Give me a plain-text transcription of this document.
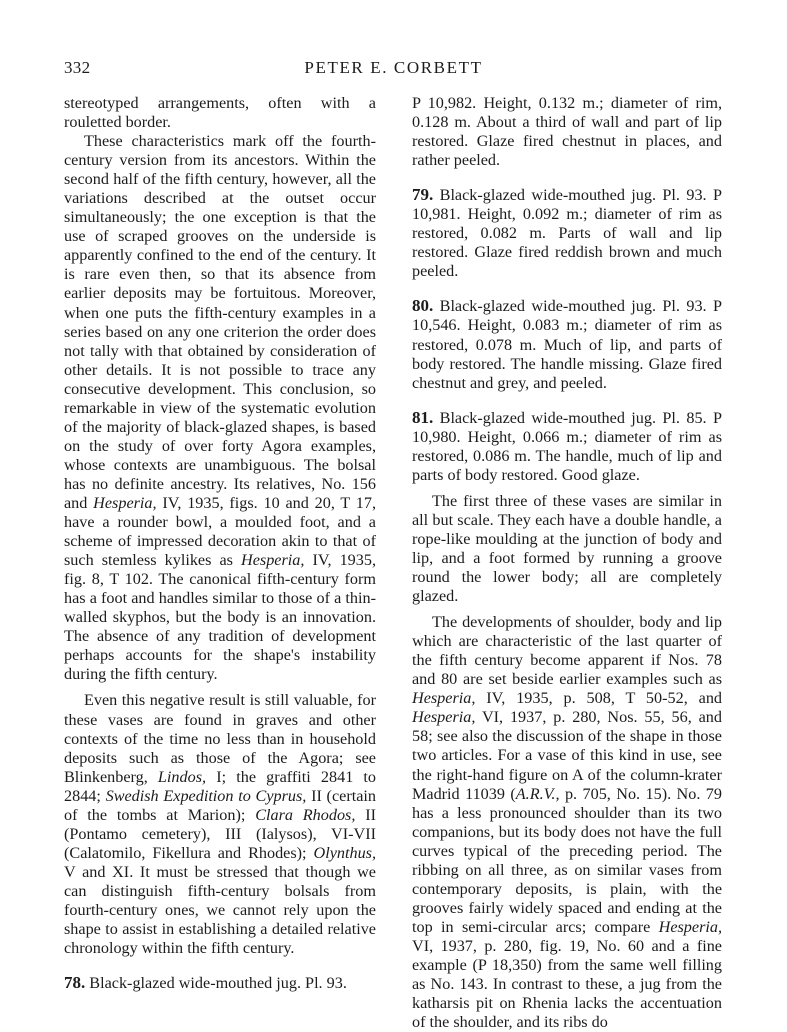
332	PETER E. CORBETT

stereotyped arrangements, often with a rouletted border.

These characteristics mark off the fourth-century version from its ancestors. Within the second half of the fifth century, however, all the variations described at the outset occur simultaneously; the one exception is that the use of scraped grooves on the underside is apparently confined to the end of the century. It is rare even then, so that its absence from earlier deposits may be fortuitous. Moreover, when one puts the fifth-century examples in a series based on any one criterion the order does not tally with that obtained by consideration of other details. It is not possible to trace any consecutive development. This conclusion, so remarkable in view of the systematic evolution of the majority of black-glazed shapes, is based on the study of over forty Agora examples, whose contexts are unambiguous. The bolsal has no definite ancestry. Its relatives, No. 156 and Hesperia, IV, 1935, figs. 10 and 20, T 17, have a rounder bowl, a moulded foot, and a scheme of impressed decoration akin to that of such stemless kylikes as Hesperia, IV, 1935, fig. 8, T 102. The canonical fifth-century form has a foot and handles similar to those of a thin-walled skyphos, but the body is an innovation. The absence of any tradition of development perhaps accounts for the shape's instability during the fifth century.

Even this negative result is still valuable, for these vases are found in graves and other contexts of the time no less than in household deposits such as those of the Agora; see Blinkenberg, Lindos, I; the graffiti 2841 to 2844; Swedish Expedition to Cyprus, II (certain of the tombs at Marion); Clara Rhodos, II (Pontamo cemetery), III (Ialysos), VI-VII (Calatomilo, Fikellura and Rhodes); Olynthus, V and XI. It must be stressed that though we can distinguish fifth-century bolsals from fourth-century ones, we cannot rely upon the shape to assist in establishing a detailed relative chronology within the fifth century.

78. Black-glazed wide-mouthed jug. Pl. 93.

P 10,982. Height, 0.132 m.; diameter of rim, 0.128 m. About a third of wall and part of lip restored. Glaze fired chestnut in places, and rather peeled.

79. Black-glazed wide-mouthed jug. Pl. 93. P 10,981. Height, 0.092 m.; diameter of rim as restored, 0.082 m. Parts of wall and lip restored. Glaze fired reddish brown and much peeled.

80. Black-glazed wide-mouthed jug. Pl. 93. P 10,546. Height, 0.083 m.; diameter of rim as restored, 0.078 m. Much of lip, and parts of body restored. The handle missing. Glaze fired chestnut and grey, and peeled.

81. Black-glazed wide-mouthed jug. Pl. 85. P 10,980. Height, 0.066 m.; diameter of rim as restored, 0.086 m. The handle, much of lip and parts of body restored. Good glaze.

The first three of these vases are similar in all but scale. They each have a double handle, a rope-like moulding at the junction of body and lip, and a foot formed by running a groove round the lower body; all are completely glazed.

The developments of shoulder, body and lip which are characteristic of the last quarter of the fifth century become apparent if Nos. 78 and 80 are set beside earlier examples such as Hesperia, IV, 1935, p. 508, T 50-52, and Hesperia, VI, 1937, p. 280, Nos. 55, 56, and 58; see also the discussion of the shape in those two articles. For a vase of this kind in use, see the right-hand figure on A of the column-krater Madrid 11039 (A.R.V., p. 705, No. 15). No. 79 has a less pronounced shoulder than its two companions, but its body does not have the full curves typical of the preceding period. The ribbing on all three, as on similar vases from contemporary deposits, is plain, with the grooves fairly widely spaced and ending at the top in semi-circular arcs; compare Hesperia, VI, 1937, p. 280, fig. 19, No. 60 and a fine example (P 18,350) from the same well filling as No. 143. In contrast to these, a jug from the katharsis pit on Rhenia lacks the accentuation of the shoulder, and its ribs do
